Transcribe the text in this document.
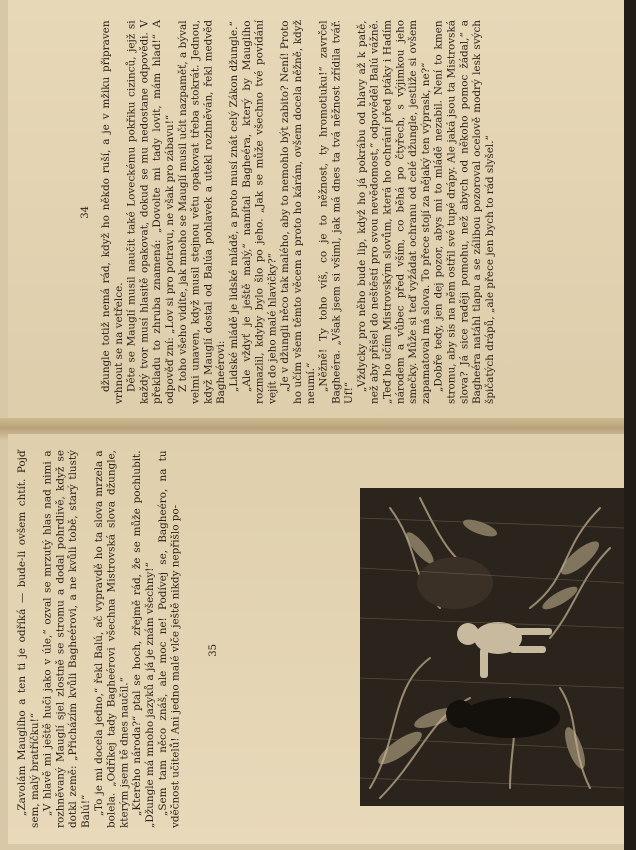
džungle totiž nemá rád, když ho někdo ruší, a je v mžiku připraven vrhnout se na vetřelce. Děte se Mauglí musil naučit také Loveckému pokřiku cizinců, jejž si každý tvor musí hlasitě opakovat, dokud se mu nedostane odpovědi. V překladu to zhruba znamená: „Dovolte mi tady lovit, mám hlad!“ A odpověď zní: „Lov si pro potravu, ne však pro zábavu!“ Z toho všeho vidíte, jak mnoho se Mauglí musil učit nazpaměť, a býval velmi unaven, když musil stejnou větu opakovat třeba stokrát. Jednou, když Mauglí dostal od Balúa pohlavek a utekl rozhněván, řekl medvěd Bagheérovi: „Lidské mládě je lidské mládě, a proto musí znát celý Zákon džungle.“ „Ale vždyť je ještě malý,“ namítal Bagheéra, který by Mauglího rozmazlil, kdyby bylo šlo po jeho. „Jak se může všechno tvé povídání vejít do jeho malé hlavičky?“ „Je v džungli něco tak malého, aby to nemohlo být zabito? Není! Proto ho učím všem těmto věcem a proto ho kárám, ovšem docela něžně, když neumí.“ „Něžně! Ty toho víš, co je to něžnost, ty hromotluku!“ zavrčel Bagheéra. „Však jsem si všiml, jak má dnes ta tvá něžnost zřídila tvář. Uf!“

„Vždycky pro něho bude lip, když ho já pokrábu od hlavy až k patě, než aby přišel do neštěstí pro svou nevědomost,“ odpověděl Balú vážně. „Teď ho učím Mistrovským slovům, která ho ochrání před ptáky i Hadím národem a vůbec před vším, co běhá po čtyřech, s výjimkou jeho smečky. Může si teď vyžádat ochranu od celé džungle, jestliže si ovšem zapamatoval má slova. To přece stojí za nějaký ten výprask, ne?“ „Dobře tedy, jen dej pozor, abys mi to mládě nezabil. Není to kmen stromu, aby sis na něm ostřil své tupé drápy. Ale jaká jsou ta Mistrovská slova? Já sice raději pomohu, než abych od někoho pomoc žádal,“ a Bagheéra natáhl tlapu a se zálibou pozoroval ocelově modrý lesk svých špičatých drápů, „ale přece jen bych to rád slyšel.“

34

„Zavolám Mauglího a ten ti je odříká — bude-li ovšem chtít. Pojď sem, malý bratříčku!“ „V hlavě mi ještě huči jako v úle,“ ozval se mrzutý hlas nad nimi a rozhněvaný Mauglí sjel zlostně se stromu a dodal pohrdlivě, když se dotkl země: „Přicházím kvůli Bagheérovi, a ne kvůli tobě, starý tlustý Balú!“ „To je mi docela jedno,“ řekl Balú, ač vypravdě ho ta slova mrzela a bolela. „Odříkej tady Bagheérovi všechna Mistrovská slova džungle, kterým jsem tě dnes naučil.“ „Kterého národa?“ ptal se hoch, zřejmě rád, že se může pochlubit. „Džungle má mnoho jazyků a já je znám všechny!“ „Sem tam něco znáš, ale moc ne! Podívej se, Bagheéro, na tu vděčnost učitelů! Ani jedno malé vlče ještě nikdy nepřišlo po-	35
